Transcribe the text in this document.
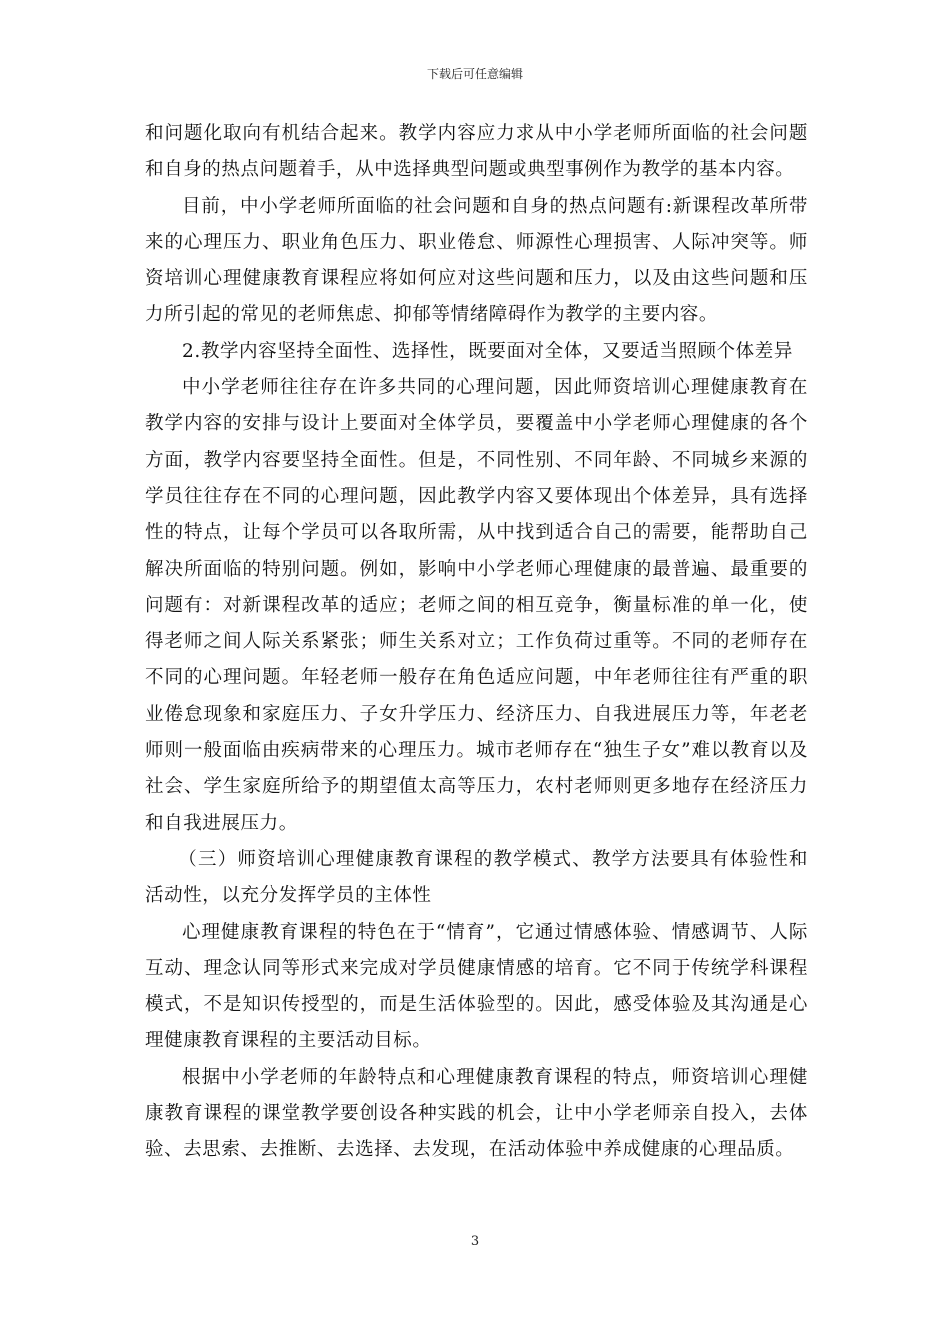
下载后可任意编辑

和问题化取向有机结合起来。教学内容应力求从中小学老师所面临的社会问题和自身的热点问题着手，从中选择典型问题或典型事例作为教学的基本内容。

目前，中小学老师所面临的社会问题和自身的热点问题有:新课程改革所带来的心理压力、职业角色压力、职业倦怠、师源性心理损害、人际冲突等。师资培训心理健康教育课程应将如何应对这些问题和压力，以及由这些问题和压力所引起的常见的老师焦虑、抑郁等情绪障碍作为教学的主要内容。

2.教学内容坚持全面性、选择性，既要面对全体，又要适当照顾个体差异

中小学老师往往存在许多共同的心理问题，因此师资培训心理健康教育在教学内容的安排与设计上要面对全体学员，要覆盖中小学老师心理健康的各个方面，教学内容要坚持全面性。但是，不同性别、不同年龄、不同城乡来源的学员往往存在不同的心理问题，因此教学内容又要体现出个体差异，具有选择性的特点，让每个学员可以各取所需，从中找到适合自己的需要，能帮助自己解决所面临的特别问题。例如，影响中小学老师心理健康的最普遍、最重要的问题有：对新课程改革的适应；老师之间的相互竞争，衡量标准的单一化，使得老师之间人际关系紧张；师生关系对立；工作负荷过重等。不同的老师存在不同的心理问题。年轻老师一般存在角色适应问题，中年老师往往有严重的职业倦怠现象和家庭压力、子女升学压力、经济压力、自我进展压力等，年老老师则一般面临由疾病带来的心理压力。城市老师存在“独生子女”难以教育以及社会、学生家庭所给予的期望值太高等压力，农村老师则更多地存在经济压力和自我进展压力。

（三）师资培训心理健康教育课程的教学模式、教学方法要具有体验性和活动性，以充分发挥学员的主体性

心理健康教育课程的特色在于“情育”，它通过情感体验、情感调节、人际互动、理念认同等形式来完成对学员健康情感的培育。它不同于传统学科课程模式，不是知识传授型的，而是生活体验型的。因此，感受体验及其沟通是心理健康教育课程的主要活动目标。

根据中小学老师的年龄特点和心理健康教育课程的特点，师资培训心理健康教育课程的课堂教学要创设各种实践的机会，让中小学老师亲自投入，去体验、去思索、去推断、去选择、去发现，在活动体验中养成健康的心理品质。

3
